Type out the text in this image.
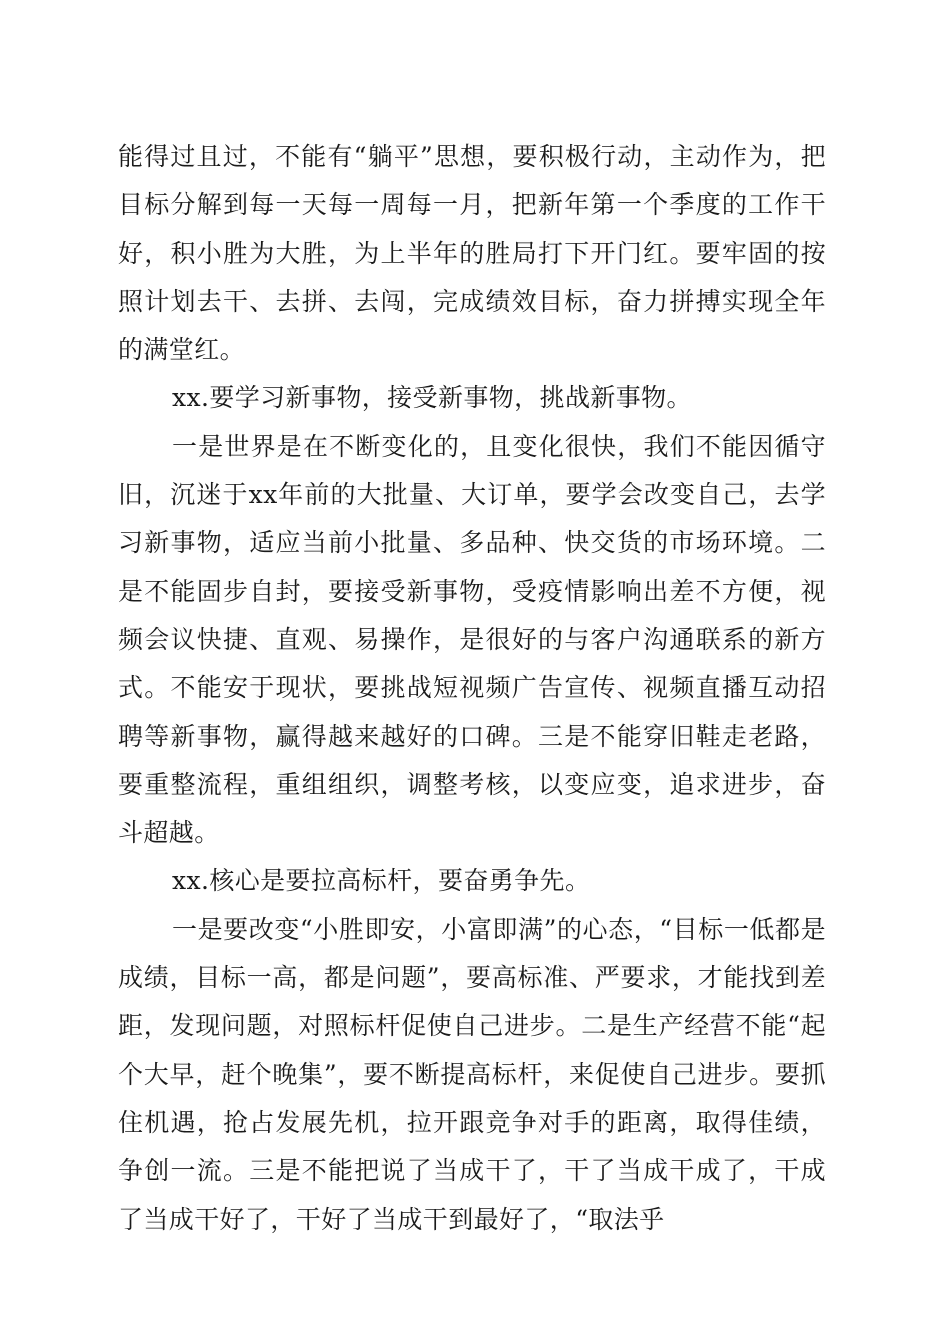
能得过且过，不能有“躺平”思想，要积极行动，主动作为，把目标分解到每一天每一周每一月，把新年第一个季度的工作干好，积小胜为大胜，为上半年的胜局打下开门红。要牢固的按照计划去干、去拼、去闯，完成绩效目标，奋力拼搏实现全年的满堂红。

xx.要学习新事物，接受新事物，挑战新事物。

一是世界是在不断变化的，且变化很快，我们不能因循守旧，沉迷于xx年前的大批量、大订单，要学会改变自己，去学习新事物，适应当前小批量、多品种、快交货的市场环境。二是不能固步自封，要接受新事物，受疫情影响出差不方便，视频会议快捷、直观、易操作，是很好的与客户沟通联系的新方式。不能安于现状，要挑战短视频广告宣传、视频直播互动招聘等新事物，赢得越来越好的口碑。三是不能穿旧鞋走老路，要重整流程，重组组织，调整考核，以变应变，追求进步，奋斗超越。

xx.核心是要拉高标杆，要奋勇争先。

一是要改变“小胜即安，小富即满”的心态，“目标一低都是成绩，目标一高，都是问题”，要高标准、严要求，才能找到差距，发现问题，对照标杆促使自己进步。二是生产经营不能“起个大早，赶个晚集”，要不断提高标杆，来促使自己进步。要抓住机遇，抢占发展先机，拉开跟竞争对手的距离，取得佳绩，争创一流。三是不能把说了当成干了，干了当成干成了，干成了当成干好了，干好了当成干到最好了，“取法乎
